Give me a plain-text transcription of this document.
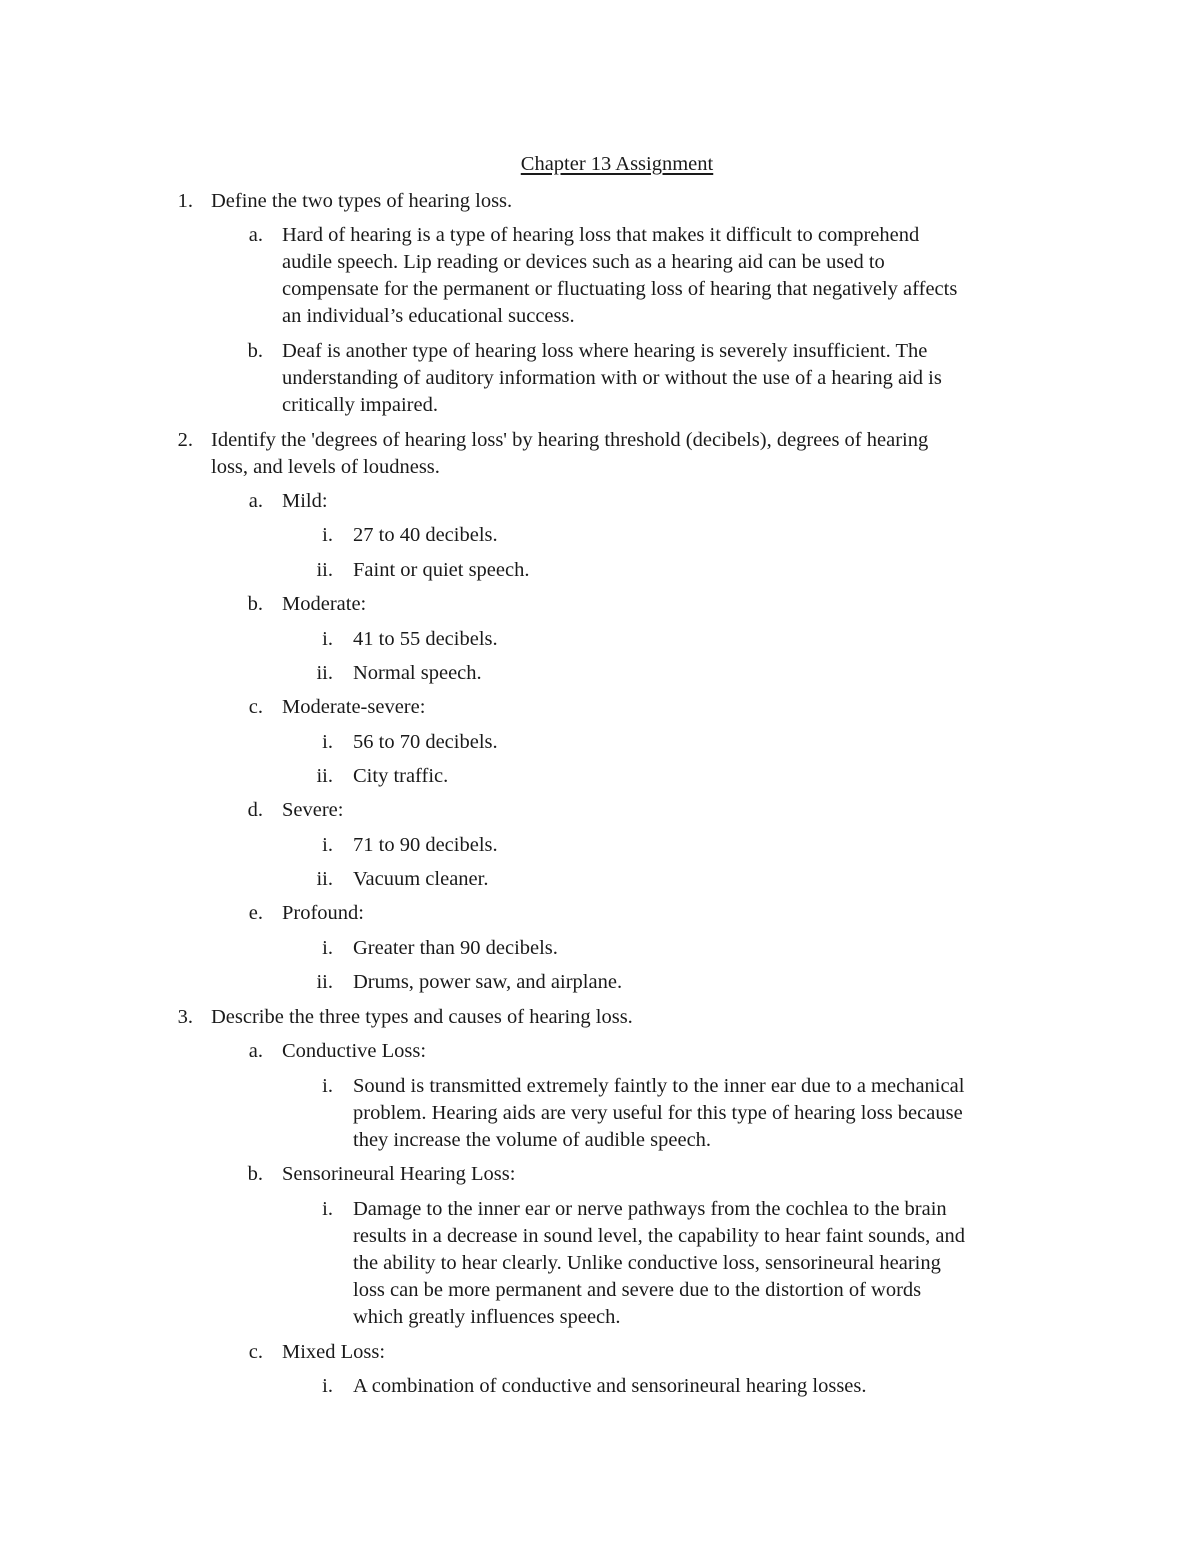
Chapter 13 Assignment
1. Define the two types of hearing loss.
a. Hard of hearing is a type of hearing loss that makes it difficult to comprehend
audile speech. Lip reading or devices such as a hearing aid can be used to
compensate for the permanent or fluctuating loss of hearing that negatively affects
an individual’s educational success.
b. Deaf is another type of hearing loss where hearing is severely insufficient. The
understanding of auditory information with or without the use of a hearing aid is
critically impaired.
2. Identify the 'degrees of hearing loss' by hearing threshold (decibels), degrees of hearing
loss, and levels of loudness.
a. Mild:
i. 27 to 40 decibels.
ii. Faint or quiet speech.
b. Moderate:
i. 41 to 55 decibels.
ii. Normal speech.
c. Moderate-severe:
i. 56 to 70 decibels.
ii. City traffic.
d. Severe:
i. 71 to 90 decibels.
ii. Vacuum cleaner.
e. Profound:
i. Greater than 90 decibels.
ii. Drums, power saw, and airplane.
3. Describe the three types and causes of hearing loss.
a. Conductive Loss:
i. Sound is transmitted extremely faintly to the inner ear due to a mechanical
problem. Hearing aids are very useful for this type of hearing loss because
they increase the volume of audible speech.
b. Sensorineural Hearing Loss:
i. Damage to the inner ear or nerve pathways from the cochlea to the brain
results in a decrease in sound level, the capability to hear faint sounds, and
the ability to hear clearly. Unlike conductive loss, sensorineural hearing
loss can be more permanent and severe due to the distortion of words
which greatly influences speech.
c. Mixed Loss:
i. A combination of conductive and sensorineural hearing losses.
